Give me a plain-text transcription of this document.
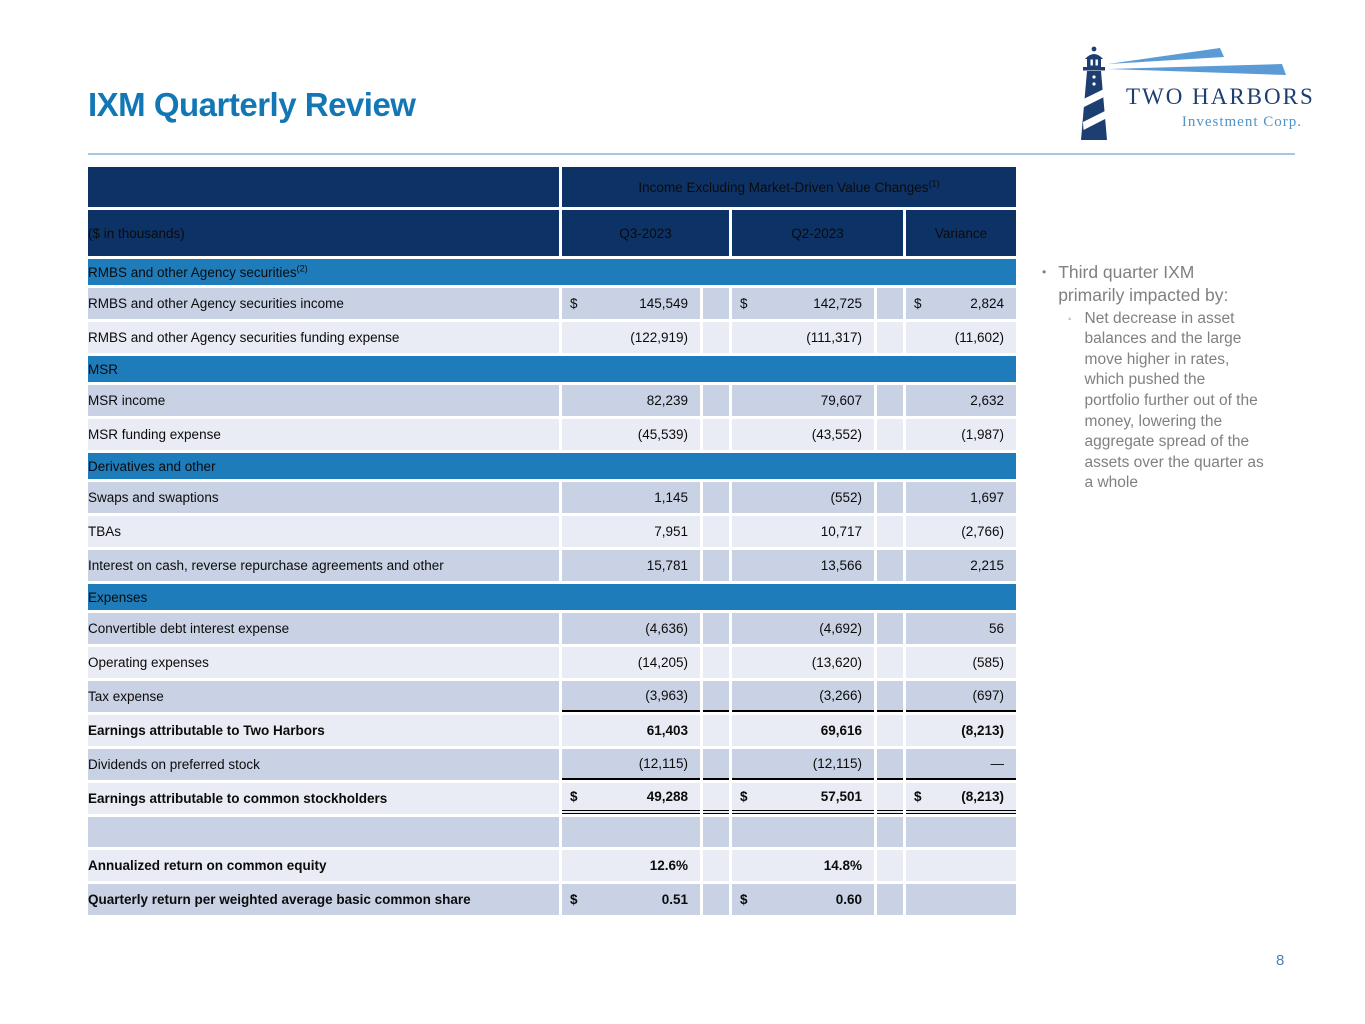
IXM Quarterly Review	TWO HARBORS
Investment Corp.
	Income Excluding Market-Driven Value Changes$^{(1)}$
($ in thousands)	Q3-2023		Q2-2023		Variance
RMBS and other Agency securities$^{(2)}$
RMBS and other Agency securities income	$ 145,549		$ 142,725		$ 2,824

RMBS and other Agency securities funding expense	(122,919)		(111,317)		(11,602)

MSR					
MSR income	82,239		79,607		2,632

MSR funding expense	(45,539)		(43,552)		(1,987)

Derivatives and other					
Swaps and swaptions	1,145		(552)		1,697

TBAs	7,951		10,717		(2,766)

Interest on cash, reverse repurchase agreements and other	15,781		13,566		2,215

Expenses					
Convertible debt interest expense	(4,636)		(4,692)		56

Operating expenses	(14,205)		(13,620)		(585)

Tax expense	(3,963)		(3,266)		(697)

Earnings attributable to Two Harbors	61,403		69,616		(8,213)

Dividends on preferred stock	(12,115)		(12,115)		—

Earnings attributable to common stockholders	$ 49,288		$ 57,501		$ (8,213)

Annualized return on common equity	12.6%		14.8%		

Quarterly return per weighted average basic common share	$ 0.51		$ 0.60		

• Third quarter IXM primarily impacted by:
◦ Net decrease in asset balances and the large move higher in rates, which pushed the portfolio further out of the money, lowering the aggregate spread of the assets over the quarter as a whole
8
